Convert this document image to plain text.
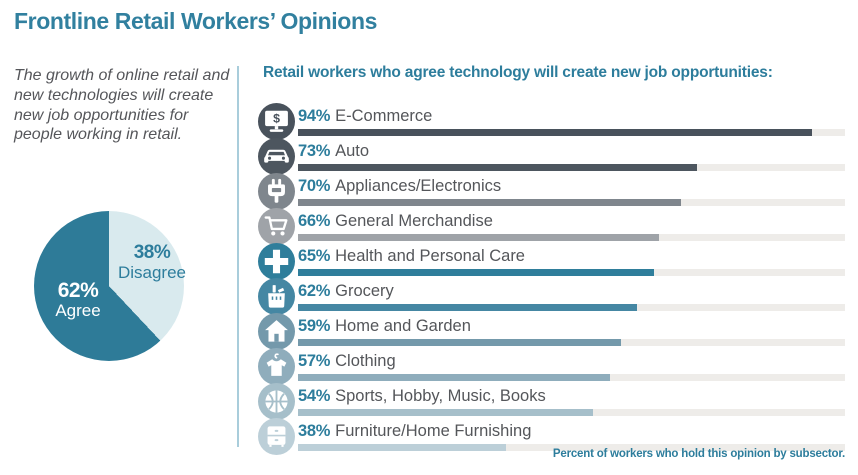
Frontline Retail Workers’ Opinions
The growth of online retail and new technologies will create new job opportunities for people working in retail.
62%
Agree
38%
Disagree
Retail workers who agree technology will create new job opportunities:
$ 94% E-Commerce
73% Auto
70% Appliances/Electronics
66% General Merchandise
65% Health and Personal Care
62% Grocery
59% Home and Garden
57% Clothing
54% Sports, Hobby, Music, Books
38% Furniture/Home Furnishing
Percent of workers who hold this opinion by subsector.
